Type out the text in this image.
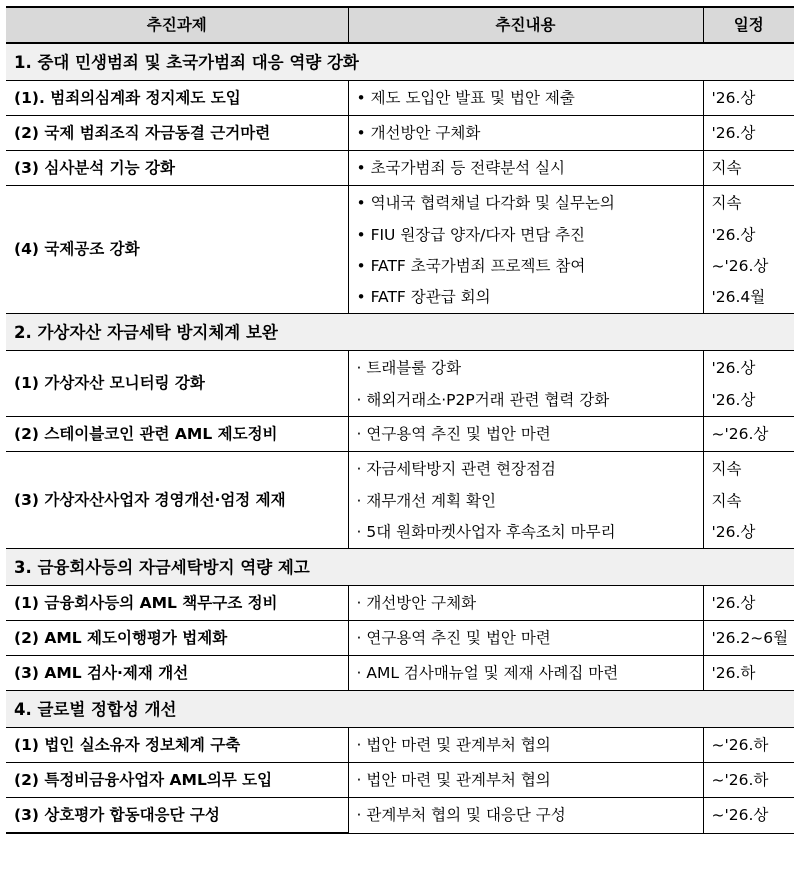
추진과제	추진내용	일정
1. 중대 민생범죄 및 초국가범죄 대응 역량 강화		
(1). 범죄의심계좌 정지제도 도입	• 제도 도입안 발표 및 법안 제출	'26.상
(2) 국제 범죄조직 자금동결 근거마련	• 개선방안 구체화	'26.상
(3) 심사분석 기능 강화	• 초국가범죄 등 전략분석 실시	지속
(4) 국제공조 강화	• 역내국 협력채널 다각화 및 실무논의	지속
	• FIU 원장급 양자/다자 면담 추진	'26.상
	• FATF 초국가범죄 프로젝트 참여	~'26.상
	• FATF 장관급 회의	'26.4월
2. 가상자산 자금세탁 방지체계 보완		
(1) 가상자산 모니터링 강화	· 트래블룰 강화	'26.상
	· 해외거래소·P2P거래 관련 협력 강화	'26.상
(2) 스테이블코인 관련 AML 제도정비	· 연구용역 추진 및 법안 마련	~'26.상
(3) 가상자산사업자 경영개선·엄정 제재	· 자금세탁방지 관련 현장점검	지속
	· 재무개선 계획 확인	지속
	· 5대 원화마켓사업자 후속조치 마무리	'26.상
3. 금융회사등의 자금세탁방지 역량 제고		
(1) 금융회사등의 AML 책무구조 정비	· 개선방안 구체화	'26.상
(2) AML 제도이행평가 법제화	· 연구용역 추진 및 법안 마련	'26.2~6월
(3) AML 검사·제재 개선	· AML 검사매뉴얼 및 제재 사례집 마련	'26.하
4. 글로벌 정합성 개선		
(1) 법인 실소유자 정보체계 구축	· 법안 마련 및 관계부처 협의	~'26.하
(2) 특정비금융사업자 AML의무 도입	· 법안 마련 및 관계부처 협의	~'26.하
(3) 상호평가 합동대응단 구성	· 관계부처 협의 및 대응단 구성	~'26.상
